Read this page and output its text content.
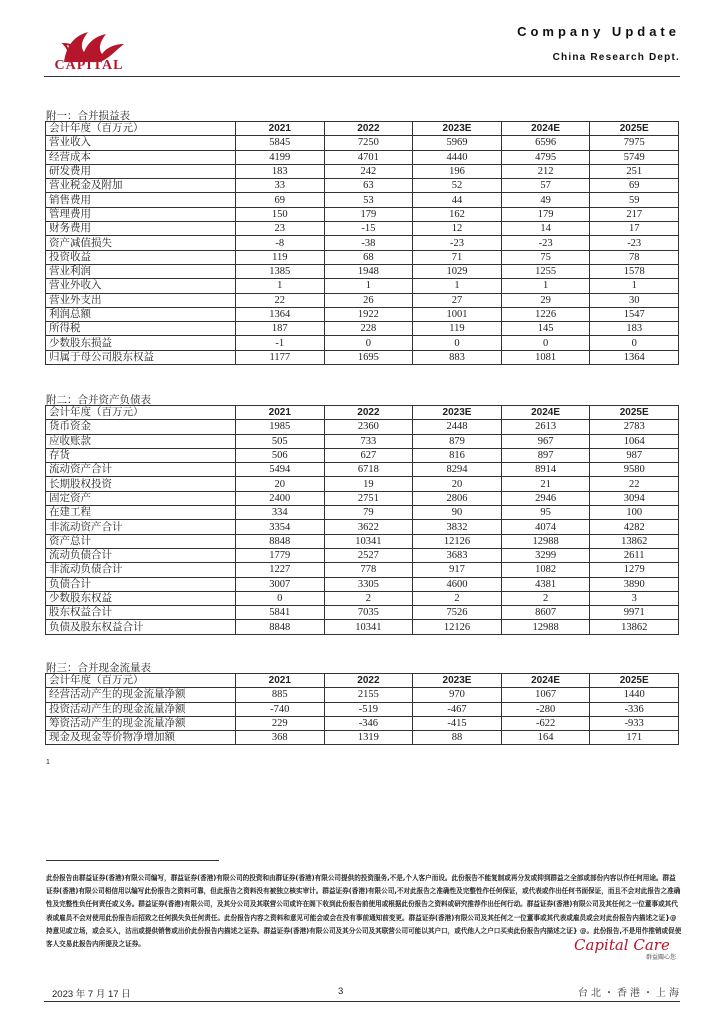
CAPITAL
Company Update
China Research Dept.
附一：合并损益表
会计年度（百万元）	2021	2022	2023E	2024E	2025E
营业收入	5845	7250	5969	6596	7975
经营成本	4199	4701	4440	4795	5749
研发费用	183	242	196	212	251
营业税金及附加	33	63	52	57	69
销售费用	69	53	44	49	59
管理费用	150	179	162	179	217
财务费用	23	-15	12	14	17
资产减值损失	-8	-38	-23	-23	-23
投资收益	119	68	71	75	78
营业利润	1385	1948	1029	1255	1578
营业外收入	1	1	1	1	1
营业外支出	22	26	27	29	30
利润总额	1364	1922	1001	1226	1547
所得税	187	228	119	145	183
少数股东损益	-1	0	0	0	0
归属于母公司股东权益	1177	1695	883	1081	1364
附二：合并资产负债表
会计年度（百万元）	2021	2022	2023E	2024E	2025E
货币资金	1985	2360	2448	2613	2783
应收账款	505	733	879	967	1064
存货	506	627	816	897	987
流动资产合计	5494	6718	8294	8914	9580
长期股权投资	20	19	20	21	22
固定资产	2400	2751	2806	2946	3094
在建工程	334	79	90	95	100
非流动资产合计	3354	3622	3832	4074	4282
资产总计	8848	10341	12126	12988	13862
流动负债合计	1779	2527	3683	3299	2611
非流动负债合计	1227	778	917	1082	1279
负债合计	3007	3305	4600	4381	3890
少数股东权益	0	2	2	2	3
股东权益合计	5841	7035	7526	8607	9971
负债及股东权益合计	8848	10341	12126	12988	13862
附三：合并现金流量表
会计年度（百万元）	2021	2022	2023E	2024E	2025E
经营活动产生的现金流量净额	885	2155	970	1067	1440
投资活动产生的现金流量净额	-740	-519	-467	-280	-336
筹资活动产生的现金流量净额	229	-346	-415	-622	-933
现金及现金等价物净增加额	368	1319	88	164	171
1
此份报告由群益证券(香港)有限公司编写，群益证券(香港)有限公司的投资和由群证券(香港)有限公司提供的投资服务,不是,个人客户而设。此份报告不能复制或再分发或抑到群益之全部或部份内容以作任何用途。群益证券(香港)有限公司相信用以编写此份报告之资料可靠，但此报告之资料没有被独立核实审计。群益证券(香港)有限公司,不对此报告之准确性及完整性作任何保证，或代表或作出任何书面保证，而且不会对此报告之准确性及完整性负任何责任或义务。群益证券(香港)有限公司，及其分公司及其联营公司或许在阁下收到此份报告前使用或根据此份报告之资料或研究推荐作出任何行动。群益证券(香港)有限公司及其任何之一位董事或其代表或雇员不会对使用此份报告后招致之任何损失负任何责任。此份报告内容之资料和意见可能会或会在没有事前通知前变更。群益证券(香港)有限公司及其任何之一位董事或其代表或雇员或会对此份报告内描述之证}@持意见或立场，或会买入，沽出或提供销售或出价此份报告内描述之证券。群益证券(香港)有限公司及其分公司及其联营公司可能以其户口，或代他人之户口买卖此份报告内描述之证} @。此份报告,不是用作推销或促使客人交易此报告内所提及之证券。	Capital Care
群益關心您
台北・香港・上海
2023 年 7 月 17 日	3
